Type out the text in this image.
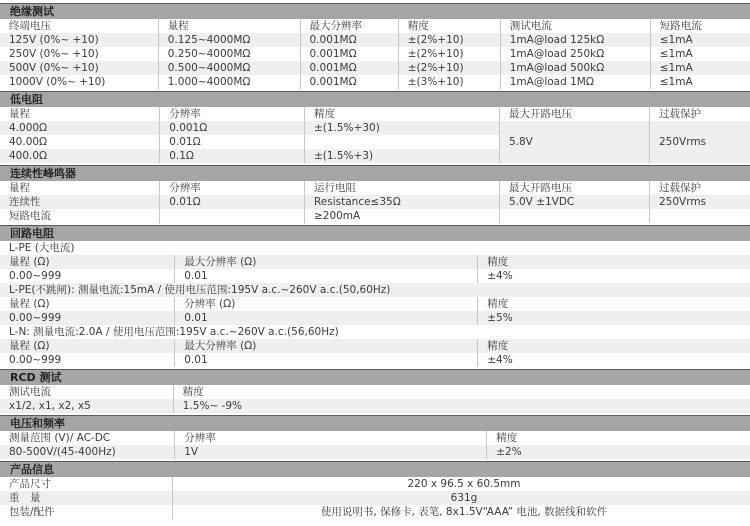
绝缘测试
终端电压	量程	最大分辨率	精度	测试电流	短路电流
125V (0%~ +10)	0.125~4000MΩ	0.001MΩ	±(2%+10)	1mA@load 125kΩ	≤1mA
250V (0%~ +10)	0.250~4000MΩ	0.001MΩ	±(2%+10)	1mA@load 250kΩ	≤1mA
500V (0%~ +10)	0.500~4000MΩ	0.001MΩ	±(2%+10)	1mA@load 500kΩ	≤1mA
1000V (0%~ +10)	1.000~4000MΩ	0.001MΩ	±(3%+10)	1mA@load 1MΩ	≤1mA
低电阻
量程	分辨率	精度	最大开路电压	过载保护
4.000Ω	0.001Ω	±(1.5%+30)	5.8V	250Vrms
40.00Ω	0.01Ω			
400.0Ω	0.1Ω	±(1.5%+3)		
连续性峰鸣器
量程	分辨率	运行电阻	最大开路电压	过载保护
连续性	0.01Ω	Resistance≤35Ω	5.0V ±1VDC	250Vrms
短路电流		≥200mA		
回路电阻
L-PE (大电流)		
量程 (Ω)	最大分辨率 (Ω)	精度
0.00~999	0.01	±4%
L-PE(不跳闸): 测量电流:15mA / 使用电压范围:195V a.c.~260V a.c.(50,60Hz)		
量程 (Ω)	分辨率 (Ω)	精度
0.00~999	0.01	±5%
L-N: 测量电流:2.0A / 使用电压范围:195V a.c.~260V a.c.(56,60Hz)		
量程 (Ω)	最大分辨率 (Ω)	精度
0.00~999	0.01	±4%
RCD 测试
测试电流	精度
x1/2, x1, x2, x5	1.5%~ -9%
电压和频率
测量范围 (V)/ AC-DC	分辨率	精度
80-500V/(45-400Hz)	1V	±2%
产品信息
产品尺寸	220 x 96.5 x 60.5mm
重　量	631g
包装/配件	使用说明书, 保修卡, 表笔, 8x1.5V“AAA” 电池, 数据线和软件
